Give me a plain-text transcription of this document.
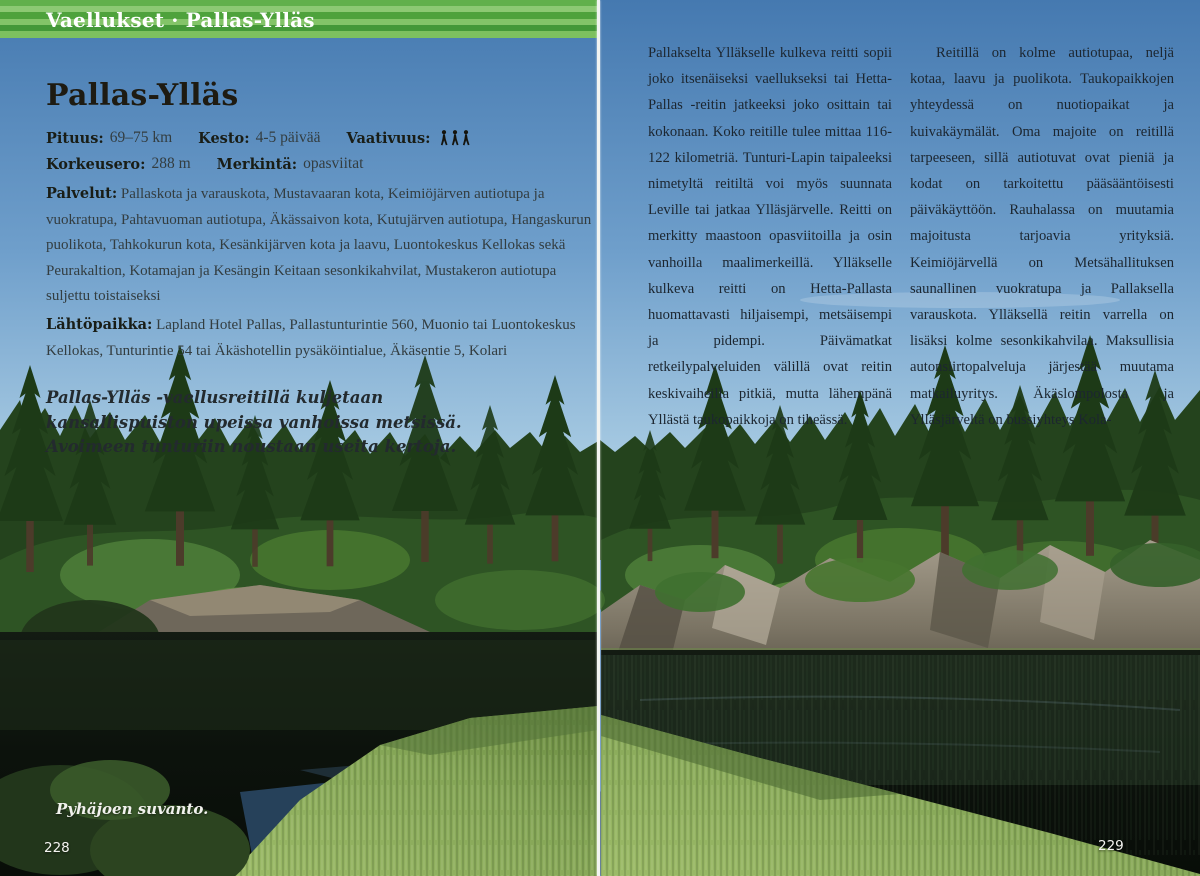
Vaellukset · Pallas-Ylläs
Pallas-Ylläs
Pituus: 69–75 km Kesto: 4-5 päivää Vaativuus:
Korkeusero: 288 m Merkintä: opasviitat

Palvelut: Pallaskota ja varauskota, Mustavaaran kota, Keimiöjärven autiotupa ja vuokratupa, Pahtavuoman autiotupa, Äkässaivon kota, Kutujärven autiotupa, Hangaskurun puolikota, Tahkokurun kota, Kesänkijärven kota ja laavu, Luontokeskus Kellokas sekä Peurakaltion, Kotamajan ja Kesängin Keitaan sesonkikahvilat, Mustakeron autiotupa suljettu toistaiseksi

Lähtöpaikka: Lapland Hotel Pallas, Pallastunturintie 560, Muonio tai Luontokeskus Kellokas, Tunturintie 54 tai Äkäshotellin pysäköintialue, Äkäsentie 5, Kolari

Pallas-Ylläs -vaellusreitillä kuljetaan kansallispuiston upeissa vanhoissa metsissä. Avoimeen tunturiin noustaan useita kertoja.

Pallakselta Ylläkselle kulkeva reitti sopii joko itsenäiseksi vaellukseksi tai Hetta-Pallas -reitin jatkeeksi joko osittain tai kokonaan. Koko reitille tulee mittaa 116-122 kilometriä. Tunturi-Lapin taipaleeksi nimetyltä reitiltä voi myös suunnata Leville tai jatkaa Ylläsjärvelle. Reitti on merkitty maastoon opasviitoilla ja osin vanhoilla maalimerkeillä. Ylläkselle kulkeva reitti on Hetta-Pallasta huomattavasti hiljaisempi, metsäisempi ja pidempi. Päivämatkat retkeilypalveluiden välillä ovat reitin keskivaiheilla pitkiä, mutta lähempänä Yllästä taukopaikkoja on tiheässä.

Reitillä on kolme autiotupaa, neljä kotaa, laavu ja puolikota. Taukopaikkojen yhteydessä on nuotiopaikat ja kuivakäymälät. Oma majoite on reitillä tarpeeseen, sillä autiotuvat ovat pieniä ja kodat on tarkoitettu pääsääntöisesti päiväkäyttöön. Rauhalassa on muutamia majoitusta tarjoavia yrityksiä. Keimiöjärvellä on Metsähallituksen saunallinen vuokratupa ja Pallaksella varauskota. Ylläksellä reitin varrella on lisäksi kolme sesonkikahvilaa. Maksullisia autonsiirtopalveluja järjestää muutama matkailuyritys. Äkäslompolosta ja Ylläsjärveltä on bussiyhteys Kola-

Pyhäjoen suvanto.
228	229
